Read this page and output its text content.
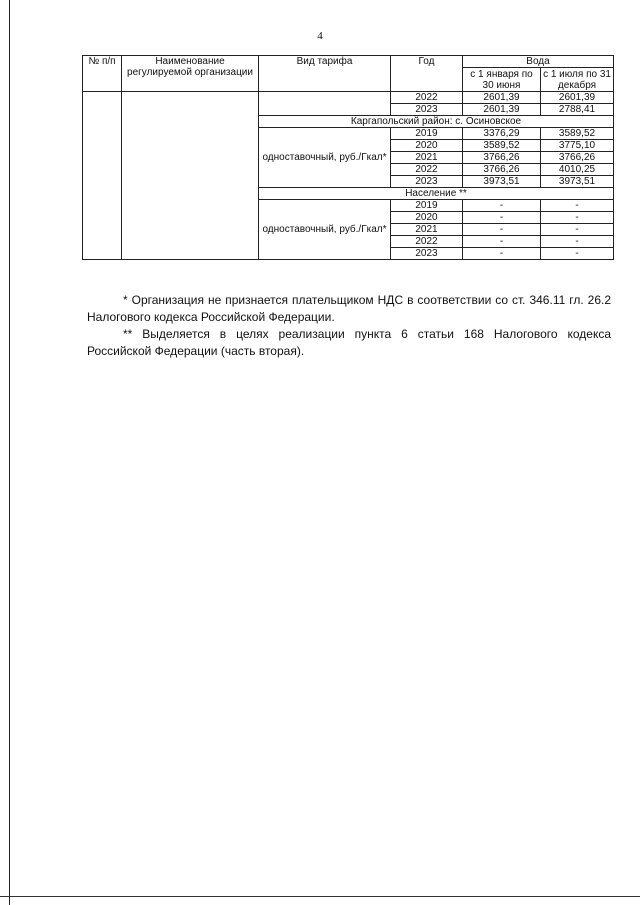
4
№ п/п	Наименование регулируемой организации	Вид тарифа	Год	Вода	
				с 1 января по 30 июня	с 1 июля по 31 декабря

			2022	2601,39	2601,39
			2023	2601,39	2788,41
		Каргапольский район: с. Осиновское			
		одноставочный, руб./Гкал*	2019	3376,29	3589,52
			2020	3589,52	3775,10
			2021	3766,26	3766,26
			2022	3766,26	4010,25
			2023	3973,51	3973,51
		Население **			
		одноставочный, руб./Гкал*	2019	-	-
			2020	-	-
			2021	-	-
			2022	-	-
			2023	-	-

* Организация не признается плательщиком НДС в соответствии со ст. 346.11 гл. 26.2 Налогового кодекса Российской Федерации.

** Выделяется в целях реализации пункта 6 статьи 168 Налогового кодекса Российской Федерации (часть вторая).
